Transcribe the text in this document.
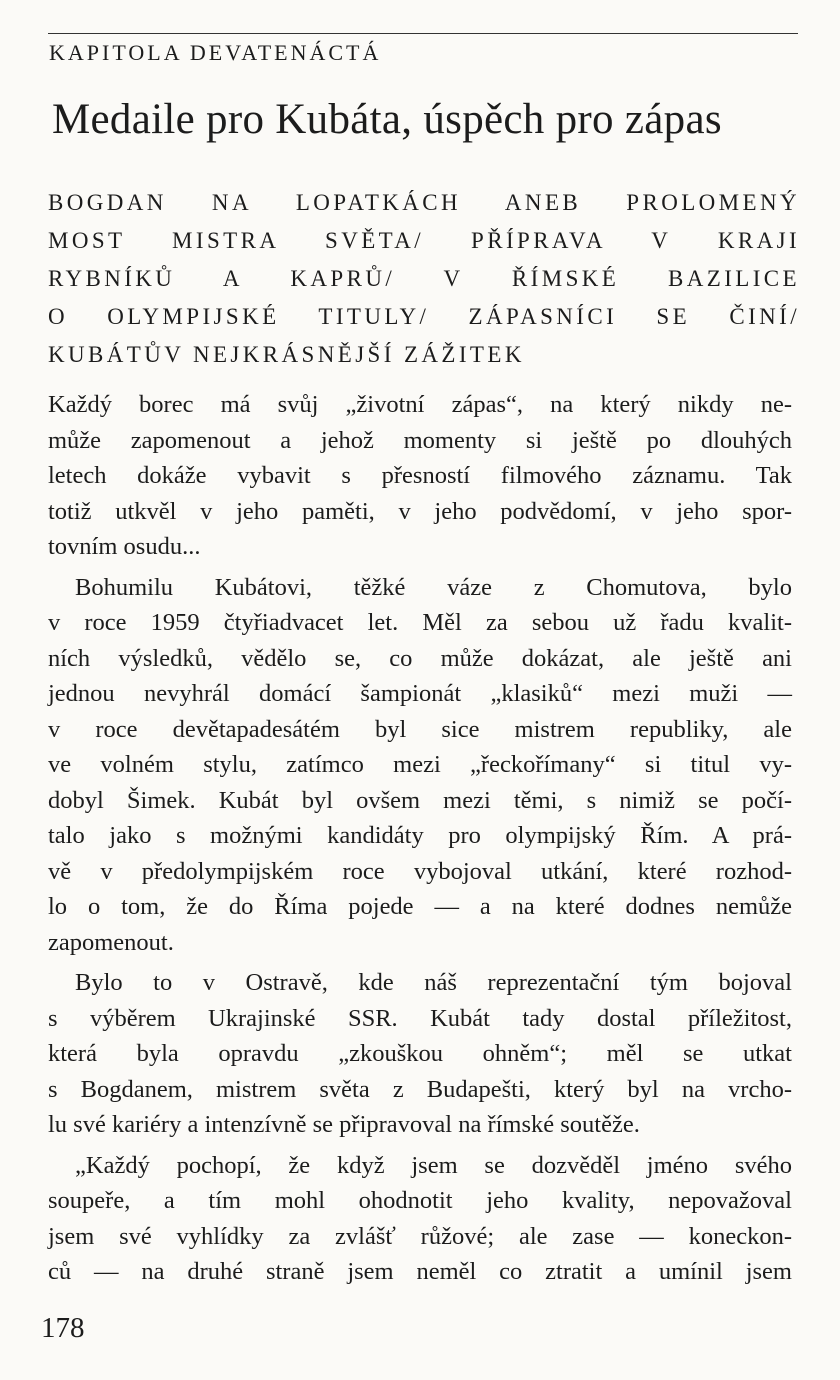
KAPITOLA DEVATENÁCTÁ
Medaile pro Kubáta, úspěch pro zápas
BOGDAN NA LOPATKÁCH ANEB PROLOMENÝ
MOST MISTRA SVĚTA/ PŘÍPRAVA V KRAJI
RYBNÍKŮ A KAPRŮ/ V ŘÍMSKÉ BAZILICE
O OLYMPIJSKÉ TITULY/ ZÁPASNÍCI SE ČINÍ/
KUBÁTŮV NEJKRÁSNĚJŠÍ ZÁŽITEK

Každý borec má svůj „životní zápas“, na který nikdy ne-
může zapomenout a jehož momenty si ještě po dlouhých
letech dokáže vybavit s přesností filmového záznamu. Tak
totiž utkvěl v jeho paměti, v jeho podvědomí, v jeho spor-
tovním osudu...

Bohumilu Kubátovi, těžké váze z Chomutova, bylo
v roce 1959 čtyřiadvacet let. Měl za sebou už řadu kvalit-
ních výsledků, vědělo se, co může dokázat, ale ještě ani
jednou nevyhrál domácí šampionát „klasiků“ mezi muži —
v roce devětapadesátém byl sice mistrem republiky, ale
ve volném stylu, zatímco mezi „řeckořímany“ si titul vy-
dobyl Šimek. Kubát byl ovšem mezi těmi, s nimiž se počí-
talo jako s možnými kandidáty pro olympijský Řím. A prá-
vě v předolympijském roce vybojoval utkání, které rozhod-
lo o tom, že do Říma pojede — a na které dodnes nemůže
zapomenout.

Bylo to v Ostravě, kde náš reprezentační tým bojoval
s výběrem Ukrajinské SSR. Kubát tady dostal příležitost,
která byla opravdu „zkouškou ohněm“; měl se utkat
s Bogdanem, mistrem světa z Budapešti, který byl na vrcho-
lu své kariéry a intenzívně se připravoval na římské soutěže.

„Každý pochopí, že když jsem se dozvěděl jméno svého
soupeře, a tím mohl ohodnotit jeho kvality, nepovažoval
jsem své vyhlídky za zvlášť růžové; ale zase — koneckon-
ců — na druhé straně jsem neměl co ztratit a umínil jsem

178
